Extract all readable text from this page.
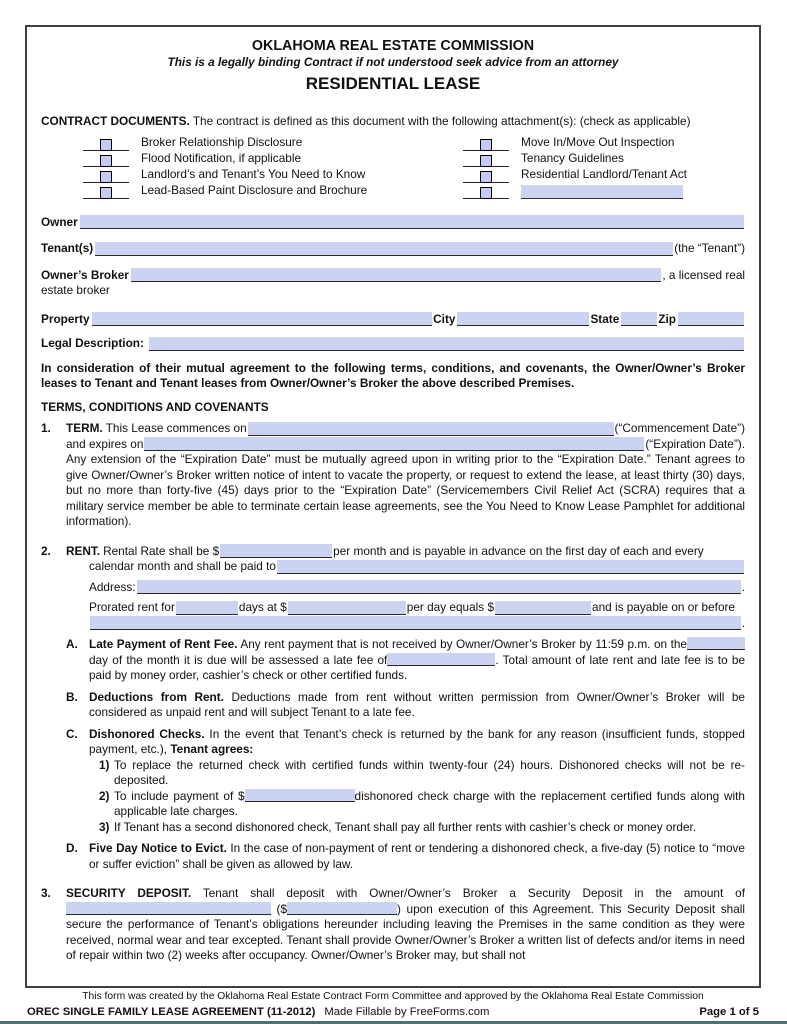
OKLAHOMA REAL ESTATE COMMISSION
This is a legally binding Contract if not understood seek advice from an attorney
RESIDENTIAL LEASE
CONTRACT DOCUMENTS. The contract is defined as this document with the following attachment(s): (check as applicable)
Broker Relationship Disclosure
Flood Notification, if applicable
Landlord’s and Tenant’s You Need to Know
Lead-Based Paint Disclosure and Brochure
Move In/Move Out Inspection
Tenancy Guidelines
Residential Landlord/Tenant Act
Owner
Tenant(s)	(the “Tenant”)
Owner’s Broker	, a licensed real
estate broker
Property	City	State	Zip
Legal Description:
In consideration of their mutual agreement to the following terms, conditions, and covenants, the Owner/Owner’s Broker leases to Tenant and Tenant leases from Owner/Owner’s Broker the above described Premises.
TERMS, CONDITIONS AND COVENANTS
1.	TERM. This Lease commences on	(“Commencement Date”)
and expires on	(“Expiration Date”).
Any extension of the “Expiration Date” must be mutually agreed upon in writing prior to the “Expiration Date.” Tenant agrees to give Owner/Owner’s Broker written notice of intent to vacate the property, or request to extend the lease, at least thirty (30) days, but no more than forty-five (45) days prior to the “Expiration Date” (Servicemembers Civil Relief Act (SCRA) requires that a military service member be able to terminate certain lease agreements, see the You Need to Know Lease Pamphlet for additional information).
2.	RENT. Rental Rate shall be $	per month and is payable in advance on the first day of each and every
calendar month and shall be paid to
Address:	.
Prorated rent for	days at $	per day equals $	and is payable on or before
.
A. Late Payment of Rent Fee. Any rent payment that is not received by Owner/Owner’s Broker by 11:59 p.m. on theday of the month it is due will be assessed a late fee of	. Total amount of late rent and late fee is to be paid by money order, cashier’s check or other certified funds.
B. Deductions from Rent. Deductions made from rent without written permission from Owner/Owner’s Broker will be considered as unpaid rent and will subject Tenant to a late fee.
C. Dishonored Checks. In the event that Tenant’s check is returned by the bank for any reason (insufficient funds, stopped payment, etc.), Tenant agrees:
1) To replace the returned check with certified funds within twenty-four (24) hours. Dishonored checks will not be re-deposited.
2) To include payment of $	dishonored check charge with the replacement certified funds along with applicable late charges.
3) If Tenant has a second dishonored check, Tenant shall pay all further rents with cashier’s check or money order.
D. Five Day Notice to Evict. In the case of non-payment of rent or tendering a dishonored check, a five-day (5) notice to “move or suffer eviction” shall be given as allowed by law.
3.	SECURITY DEPOSIT. Tenant shall deposit with Owner/Owner’s Broker a Security Deposit in the amount of  ($	) upon execution of this Agreement. This Security Deposit shall secure the performance of Tenant’s obligations hereunder including leaving the Premises in the same condition as they were received, normal wear and tear excepted. Tenant shall provide Owner/Owner’s Broker a written list of defects and/or items in need of repair within two (2) weeks after occupancy. Owner/Owner’s Broker may, but shall not
This form was created by the Oklahoma Real Estate Contract Form Committee and approved by the Oklahoma Real Estate Commission
OREC SINGLE FAMILY LEASE AGREEMENT (11-2012) Made Fillable by FreeForms.com	Page 1 of 5
